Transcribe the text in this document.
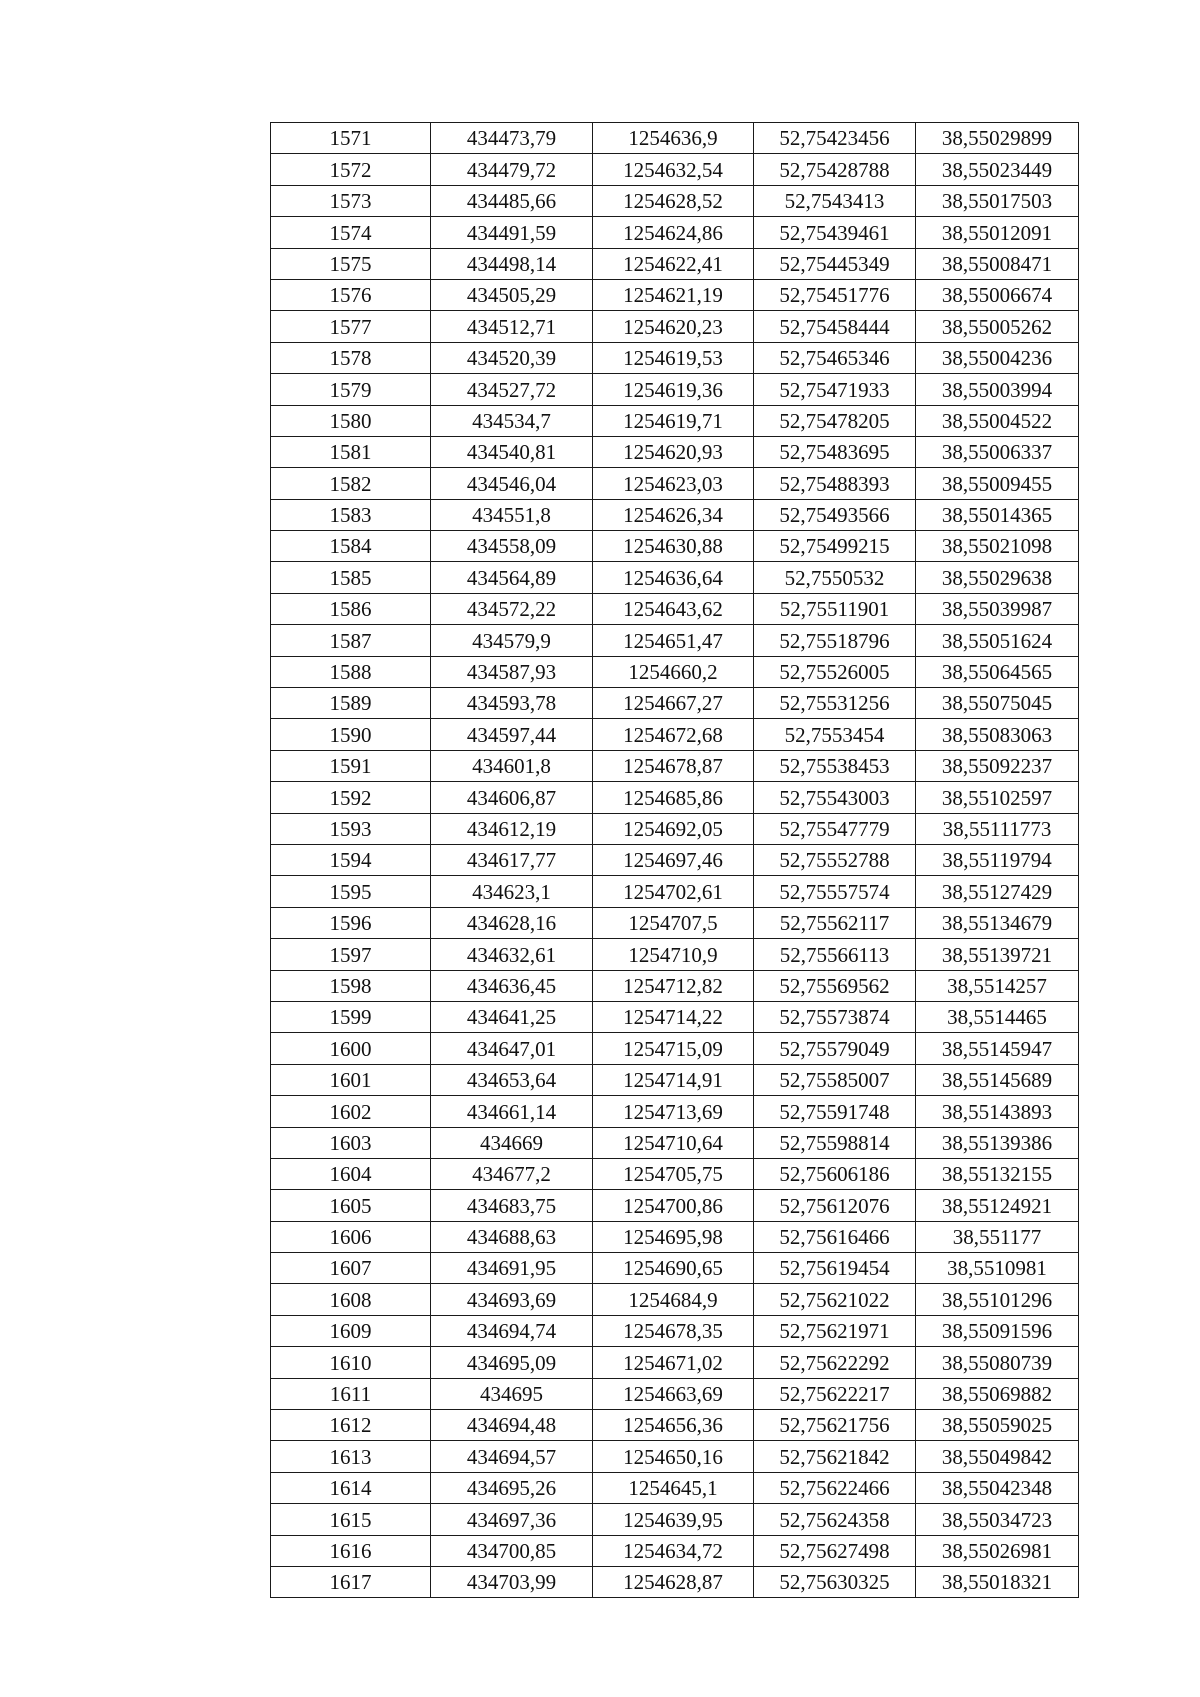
1571	434473,79	1254636,9	52,75423456	38,55029899
1572	434479,72	1254632,54	52,75428788	38,55023449
1573	434485,66	1254628,52	52,7543413	38,55017503
1574	434491,59	1254624,86	52,75439461	38,55012091
1575	434498,14	1254622,41	52,75445349	38,55008471
1576	434505,29	1254621,19	52,75451776	38,55006674
1577	434512,71	1254620,23	52,75458444	38,55005262
1578	434520,39	1254619,53	52,75465346	38,55004236
1579	434527,72	1254619,36	52,75471933	38,55003994
1580	434534,7	1254619,71	52,75478205	38,55004522
1581	434540,81	1254620,93	52,75483695	38,55006337
1582	434546,04	1254623,03	52,75488393	38,55009455
1583	434551,8	1254626,34	52,75493566	38,55014365
1584	434558,09	1254630,88	52,75499215	38,55021098
1585	434564,89	1254636,64	52,7550532	38,55029638
1586	434572,22	1254643,62	52,75511901	38,55039987
1587	434579,9	1254651,47	52,75518796	38,55051624
1588	434587,93	1254660,2	52,75526005	38,55064565
1589	434593,78	1254667,27	52,75531256	38,55075045
1590	434597,44	1254672,68	52,7553454	38,55083063
1591	434601,8	1254678,87	52,75538453	38,55092237
1592	434606,87	1254685,86	52,75543003	38,55102597
1593	434612,19	1254692,05	52,75547779	38,55111773
1594	434617,77	1254697,46	52,75552788	38,55119794
1595	434623,1	1254702,61	52,75557574	38,55127429
1596	434628,16	1254707,5	52,75562117	38,55134679
1597	434632,61	1254710,9	52,75566113	38,55139721
1598	434636,45	1254712,82	52,75569562	38,5514257
1599	434641,25	1254714,22	52,75573874	38,5514465
1600	434647,01	1254715,09	52,75579049	38,55145947
1601	434653,64	1254714,91	52,75585007	38,55145689
1602	434661,14	1254713,69	52,75591748	38,55143893
1603	434669	1254710,64	52,75598814	38,55139386
1604	434677,2	1254705,75	52,75606186	38,55132155
1605	434683,75	1254700,86	52,75612076	38,55124921
1606	434688,63	1254695,98	52,75616466	38,551177
1607	434691,95	1254690,65	52,75619454	38,5510981
1608	434693,69	1254684,9	52,75621022	38,55101296
1609	434694,74	1254678,35	52,75621971	38,55091596
1610	434695,09	1254671,02	52,75622292	38,55080739
1611	434695	1254663,69	52,75622217	38,55069882
1612	434694,48	1254656,36	52,75621756	38,55059025
1613	434694,57	1254650,16	52,75621842	38,55049842
1614	434695,26	1254645,1	52,75622466	38,55042348
1615	434697,36	1254639,95	52,75624358	38,55034723
1616	434700,85	1254634,72	52,75627498	38,55026981
1617	434703,99	1254628,87	52,75630325	38,55018321
